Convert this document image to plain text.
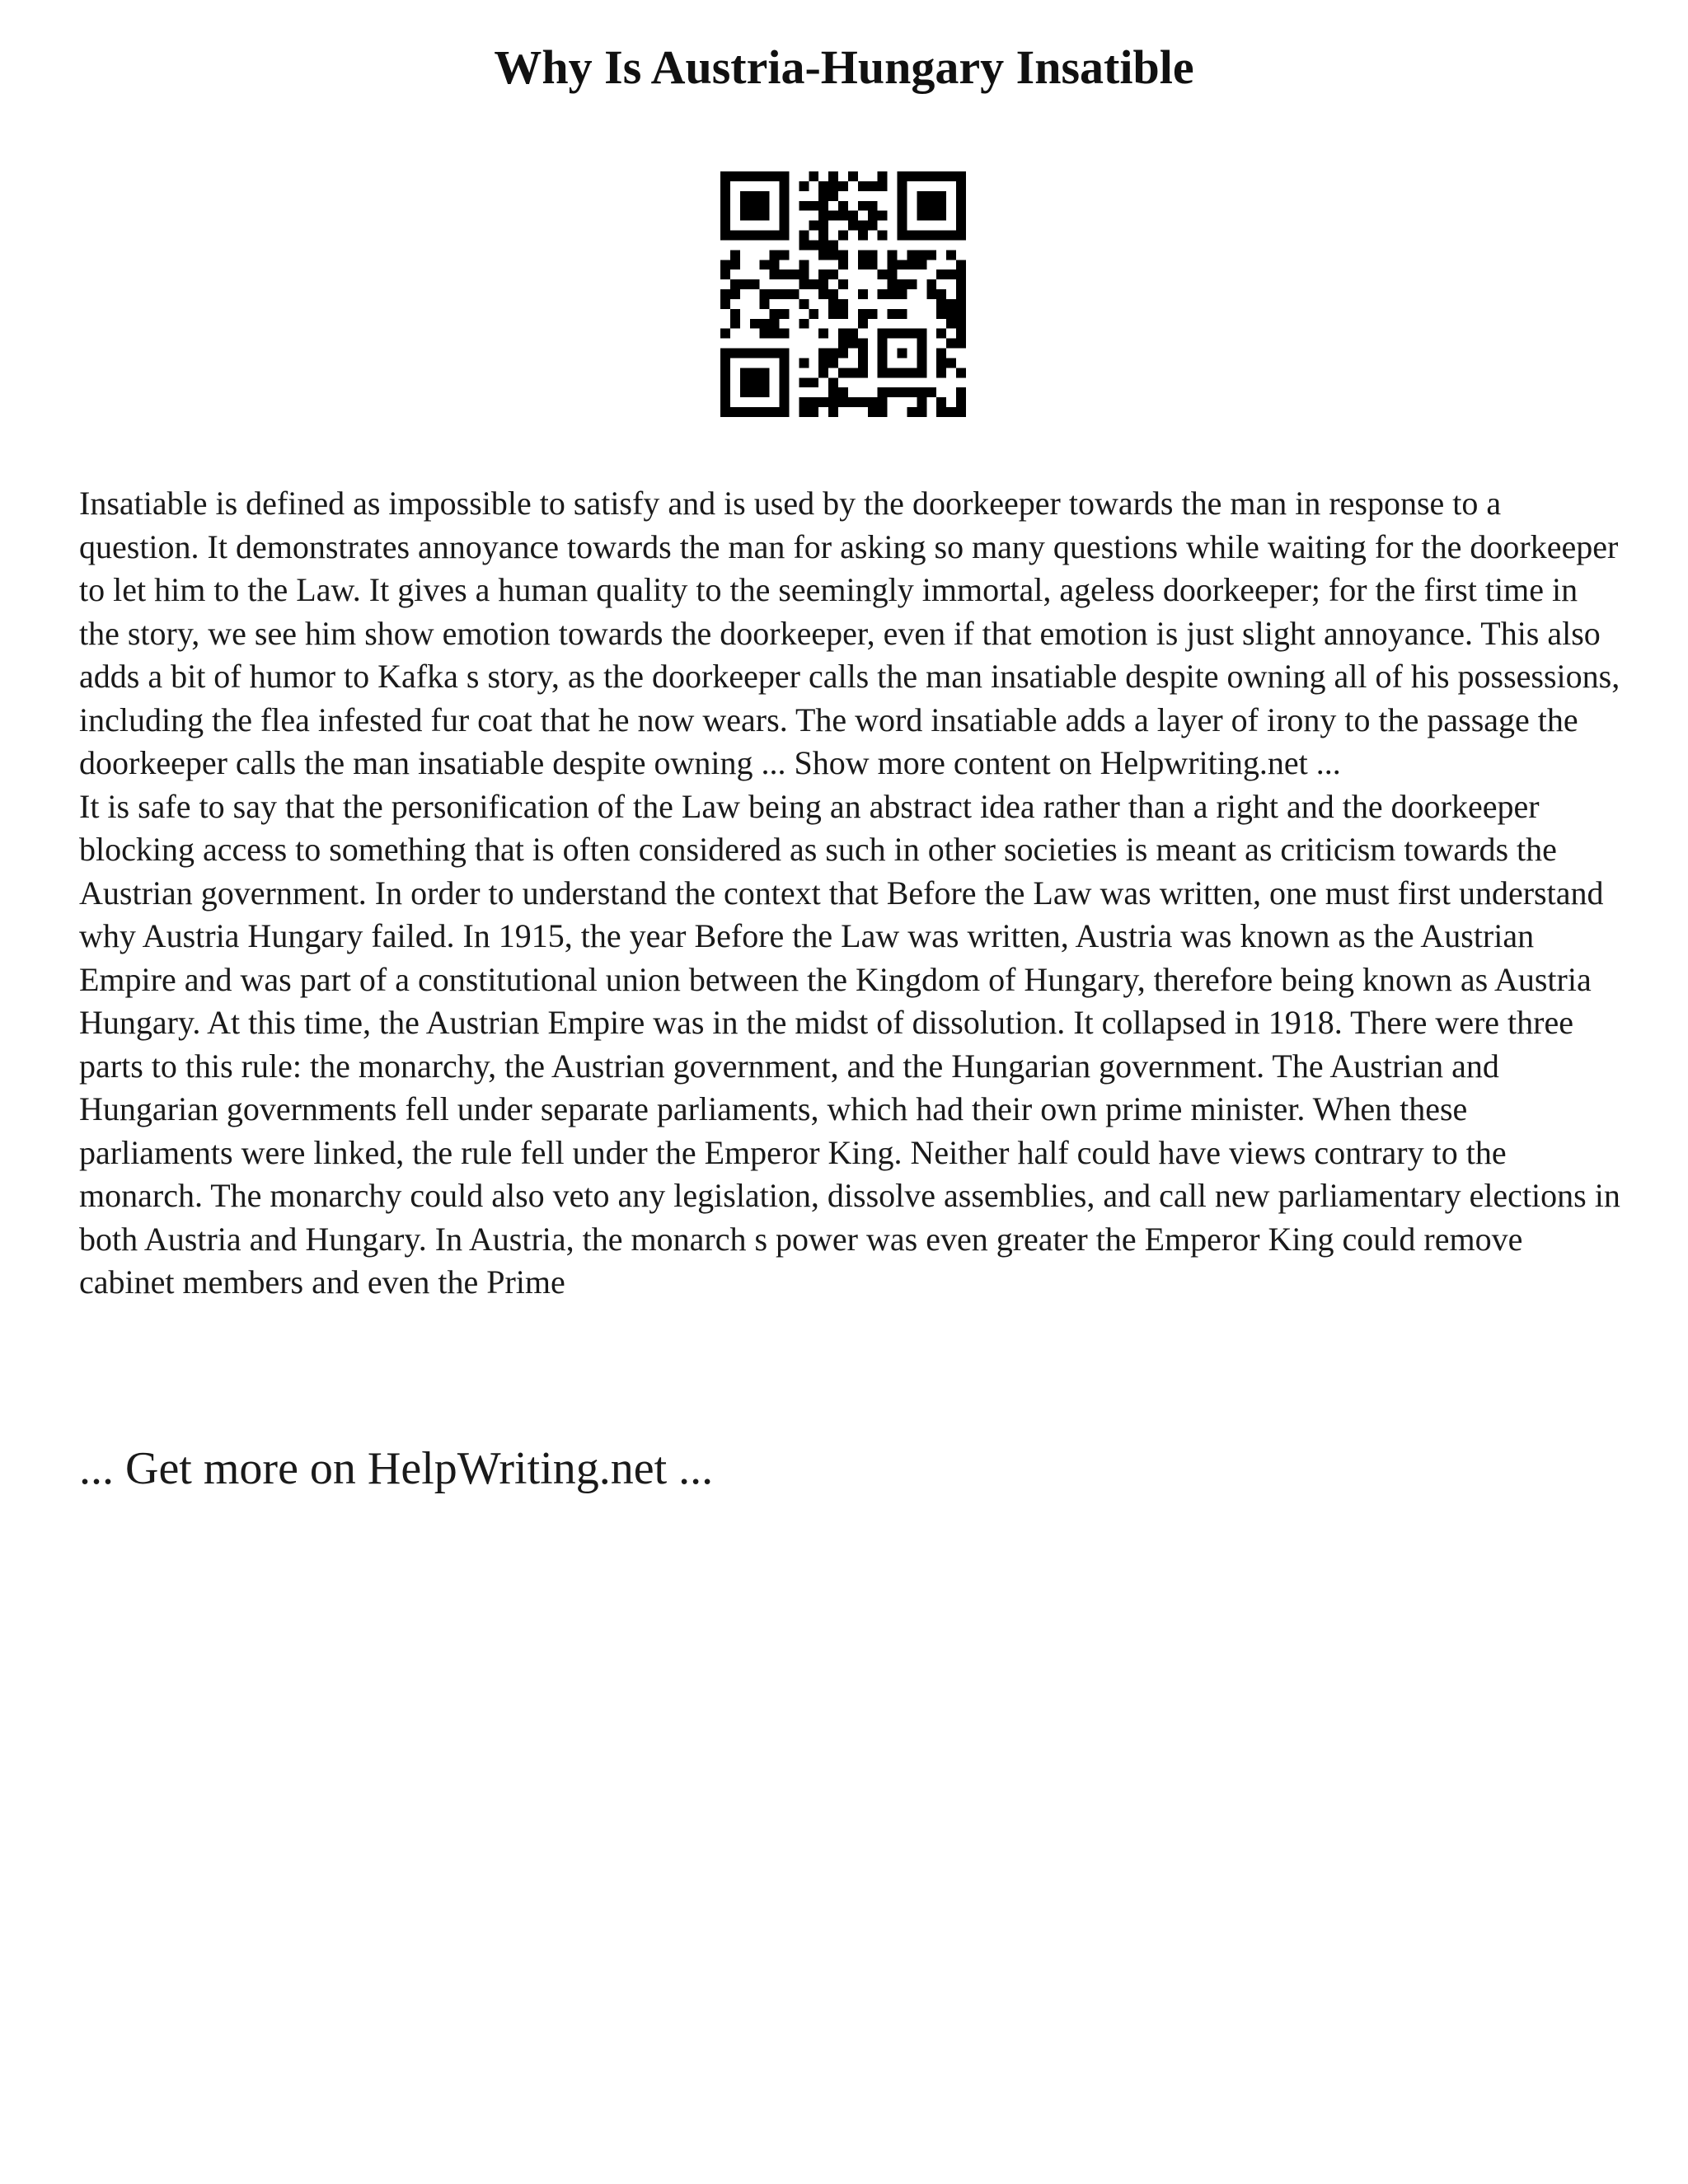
Why Is Austria-Hungary Insatible

Insatiable is defined as impossible to satisfy and is used by the doorkeeper towards the man in response to a question. It demonstrates annoyance towards the man for asking so many questions while waiting for the doorkeeper to let him to the Law. It gives a human quality to the seemingly immortal, ageless doorkeeper; for the first time in the story, we see him show emotion towards the doorkeeper, even if that emotion is just slight annoyance. This also adds a bit of humor to Kafka s story, as the doorkeeper calls the man insatiable despite owning all of his possessions, including the flea infested fur coat that he now wears. The word insatiable adds a layer of irony to the passage the doorkeeper calls the man insatiable despite owning ... Show more content on Helpwriting.net ...

It is safe to say that the personification of the Law being an abstract idea rather than a right and the doorkeeper blocking access to something that is often considered as such in other societies is meant as criticism towards the Austrian government. In order to understand the context that Before the Law was written, one must first understand why Austria Hungary failed. In 1915, the year Before the Law was written, Austria was known as the Austrian Empire and was part of a constitutional union between the Kingdom of Hungary, therefore being known as Austria Hungary. At this time, the Austrian Empire was in the midst of dissolution. It collapsed in 1918. There were three parts to this rule: the monarchy, the Austrian government, and the Hungarian government. The Austrian and Hungarian governments fell under separate parliaments, which had their own prime minister. When these parliaments were linked, the rule fell under the Emperor King. Neither half could have views contrary to the monarch. The monarchy could also veto any legislation, dissolve assemblies, and call new parliamentary elections in both Austria and Hungary. In Austria, the monarch s power was even greater the Emperor King could remove cabinet members and even the Prime

... Get more on HelpWriting.net ...
